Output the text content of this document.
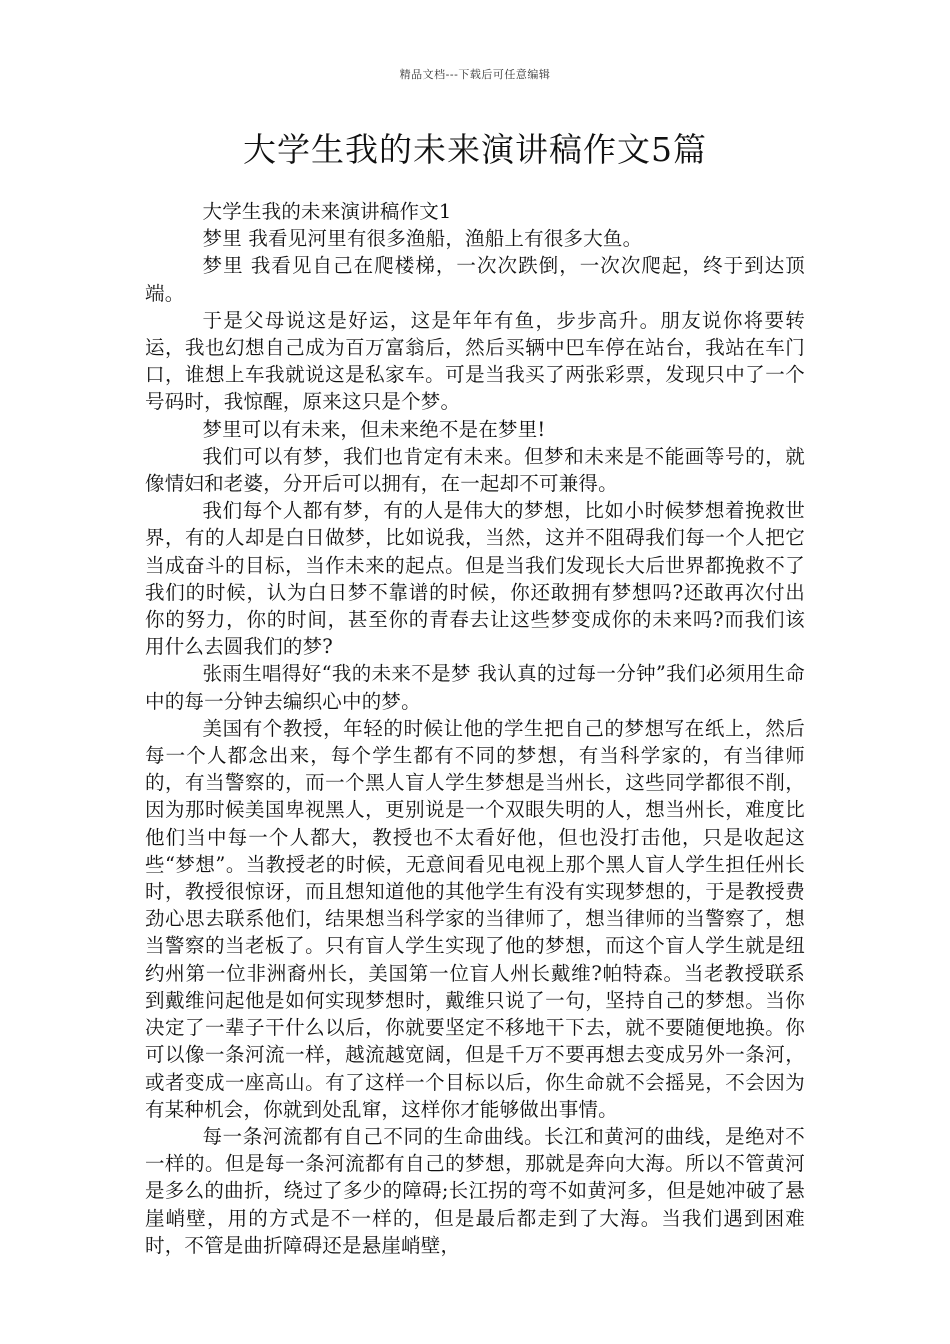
精品文档---下载后可任意编辑
大学生我的未来演讲稿作文5篇

大学生我的未来演讲稿作文1

梦里 我看见河里有很多渔船，渔船上有很多大鱼。

梦里 我看见自己在爬楼梯，一次次跌倒，一次次爬起，终于到达顶端。

于是父母说这是好运，这是年年有鱼，步步高升。朋友说你将要转运，我也幻想自己成为百万富翁后，然后买辆中巴车停在站台，我站在车门口，谁想上车我就说这是私家车。可是当我买了两张彩票，发现只中了一个号码时，我惊醒，原来这只是个梦。

梦里可以有未来，但未来绝不是在梦里!

我们可以有梦，我们也肯定有未来。但梦和未来是不能画等号的，就像情妇和老婆，分开后可以拥有，在一起却不可兼得。

我们每个人都有梦，有的人是伟大的梦想，比如小时候梦想着挽救世界，有的人却是白日做梦，比如说我，当然，这并不阻碍我们每一个人把它当成奋斗的目标，当作未来的起点。但是当我们发现长大后世界都挽救不了我们的时候，认为白日梦不靠谱的时候，你还敢拥有梦想吗?还敢再次付出你的努力，你的时间，甚至你的青春去让这些梦变成你的未来吗?而我们该用什么去圆我们的梦?

张雨生唱得好“我的未来不是梦 我认真的过每一分钟”我们必须用生命中的每一分钟去编织心中的梦。

美国有个教授，年轻的时候让他的学生把自己的梦想写在纸上，然后每一个人都念出来，每个学生都有不同的梦想，有当科学家的，有当律师的，有当警察的，而一个黑人盲人学生梦想是当州长，这些同学都很不削，因为那时候美国卑视黑人，更别说是一个双眼失明的人，想当州长，难度比他们当中每一个人都大，教授也不太看好他，但也没打击他，只是收起这些“梦想”。当教授老的时候，无意间看见电视上那个黑人盲人学生担任州长时，教授很惊讶，而且想知道他的其他学生有没有实现梦想的，于是教授费劲心思去联系他们，结果想当科学家的当律师了，想当律师的当警察了，想当警察的当老板了。只有盲人学生实现了他的梦想，而这个盲人学生就是纽约州第一位非洲裔州长，美国第一位盲人州长戴维?帕特森。当老教授联系到戴维问起他是如何实现梦想时，戴维只说了一句，坚持自己的梦想。当你决定了一辈子干什么以后，你就要坚定不移地干下去，就不要随便地换。你可以像一条河流一样，越流越宽阔，但是千万不要再想去变成另外一条河，或者变成一座高山。有了这样一个目标以后，你生命就不会摇晃，不会因为有某种机会，你就到处乱窜，这样你才能够做出事情。

每一条河流都有自己不同的生命曲线。长江和黄河的曲线，是绝对不一样的。但是每一条河流都有自己的梦想，那就是奔向大海。所以不管黄河是多么的曲折，绕过了多少的障碍;长江拐的弯不如黄河多，但是她冲破了悬崖峭壁，用的方式是不一样的，但是最后都走到了大海。当我们遇到困难时，不管是曲折障碍还是悬崖峭壁，
